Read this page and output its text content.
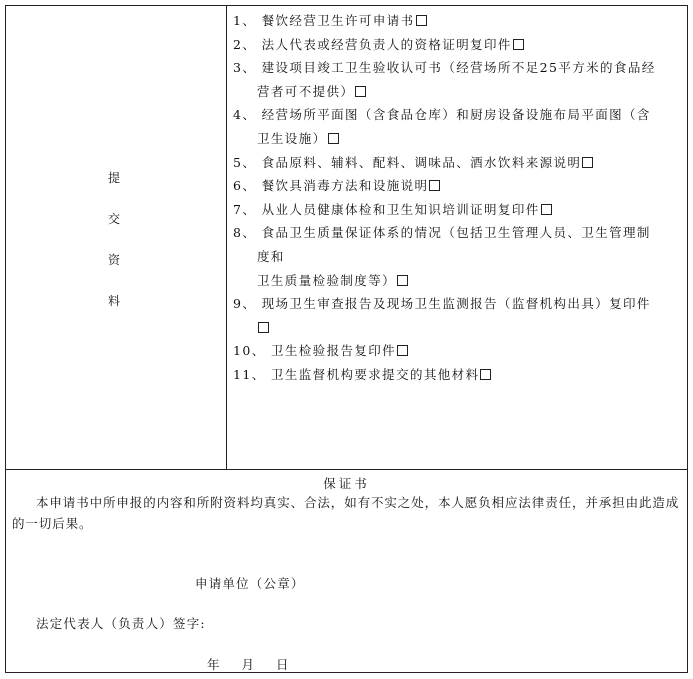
提
交
资
料
1、 餐饮经营卫生许可申请书
2、 法人代表或经营负责人的资格证明复印件
3、 建设项目竣工卫生验收认可书（经营场所不足25平方米的食品经
营者可不提供）
4、 经营场所平面图（含食品仓库）和厨房设备设施布局平面图（含
卫生设施）
5、 食品原料、辅料、配料、调味品、酒水饮料来源说明
6、 餐饮具消毒方法和设施说明
7、 从业人员健康体检和卫生知识培训证明复印件
8、 食品卫生质量保证体系的情况（包括卫生管理人员、卫生管理制
度和
卫生质量检验制度等）
9、 现场卫生审查报告及现场卫生监测报告（监督机构出具）复印件
10、 卫生检验报告复印件
11、 卫生监督机构要求提交的其他材料
保证书
本申请书中所申报的内容和所附资料均真实、合法，如有不实之处，本人愿负相应法律责任，并承担由此造成的一切后果。
申请单位（公章）
法定代表人（负责人）签字:
年 月 日
